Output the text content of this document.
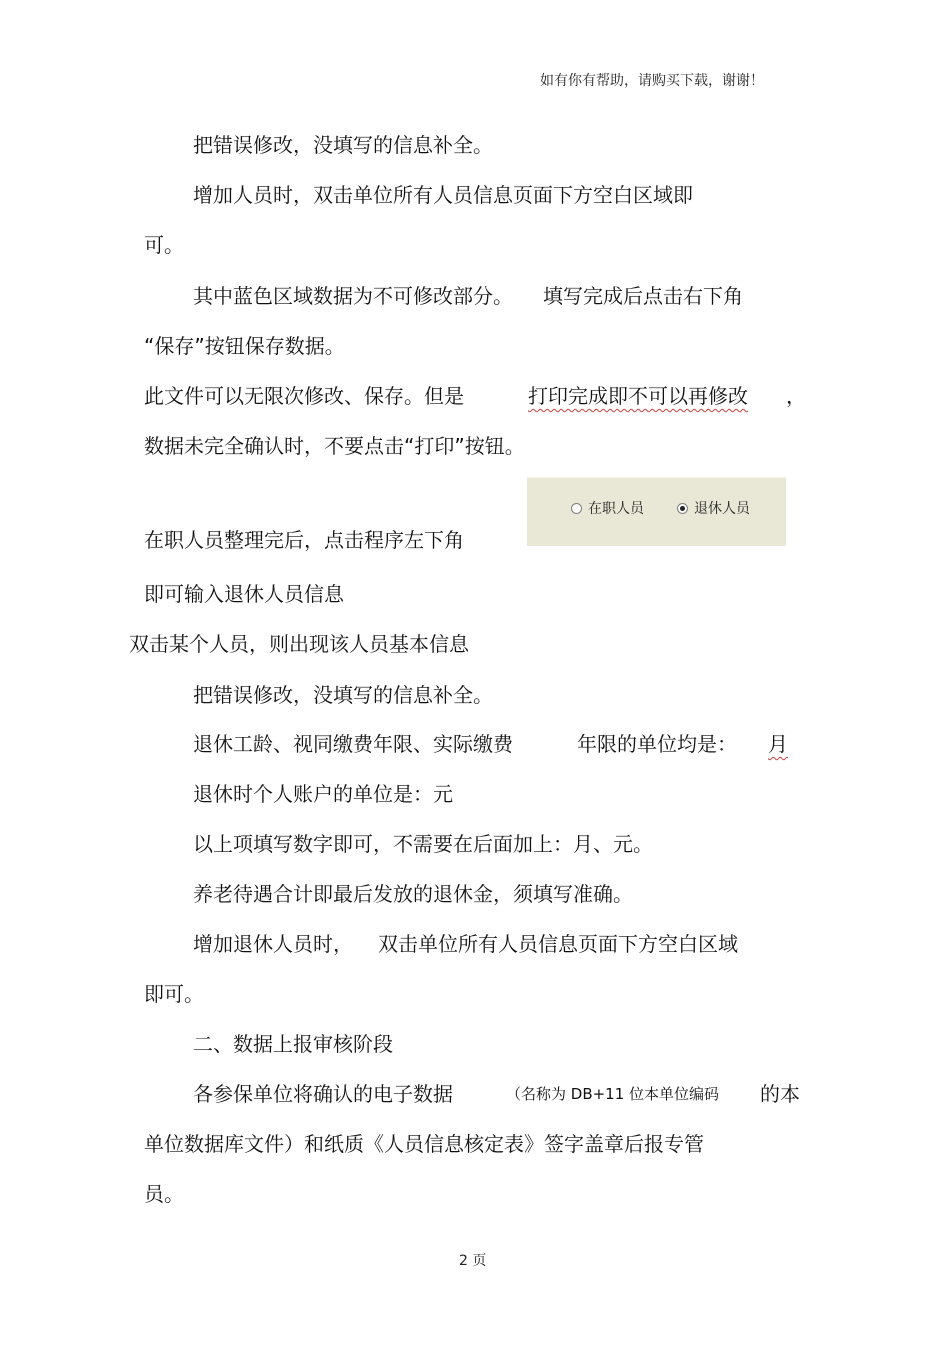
如有你有帮助，请购买下载，谢谢！
把错误修改，没填写的信息补全。
增加人员时，双击单位所有人员信息页面下方空白区域即
可。
其中蓝色区域数据为不可修改部分。 填写完成后点击右下角
“保存”按钮保存数据。
此文件可以无限次修改、保存。但是	打印完成即不可以再修改 ，
数据未完全确认时，不要点击“打印”按钮。
在职人员	退休人员
在职人员整理完后，点击程序左下角
即可输入退休人员信息
双击某个人员，则出现该人员基本信息
把错误修改，没填写的信息补全。
退休工龄、视同缴费年限、实际缴费	年限的单位均是： 月
退休时个人账户的单位是：元
以上项填写数字即可，不需要在后面加上：月、元。
养老待遇合计即最后发放的退休金，须填写准确。
增加退休人员时， 双击单位所有人员信息页面下方空白区域
即可。
二、数据上报审核阶段
各参保单位将确认的电子数据	（名称为 DB+11 位本单位编码 的本
单位数据库文件）和纸质《人员信息核定表》签字盖章后报专管
员。
2 页
